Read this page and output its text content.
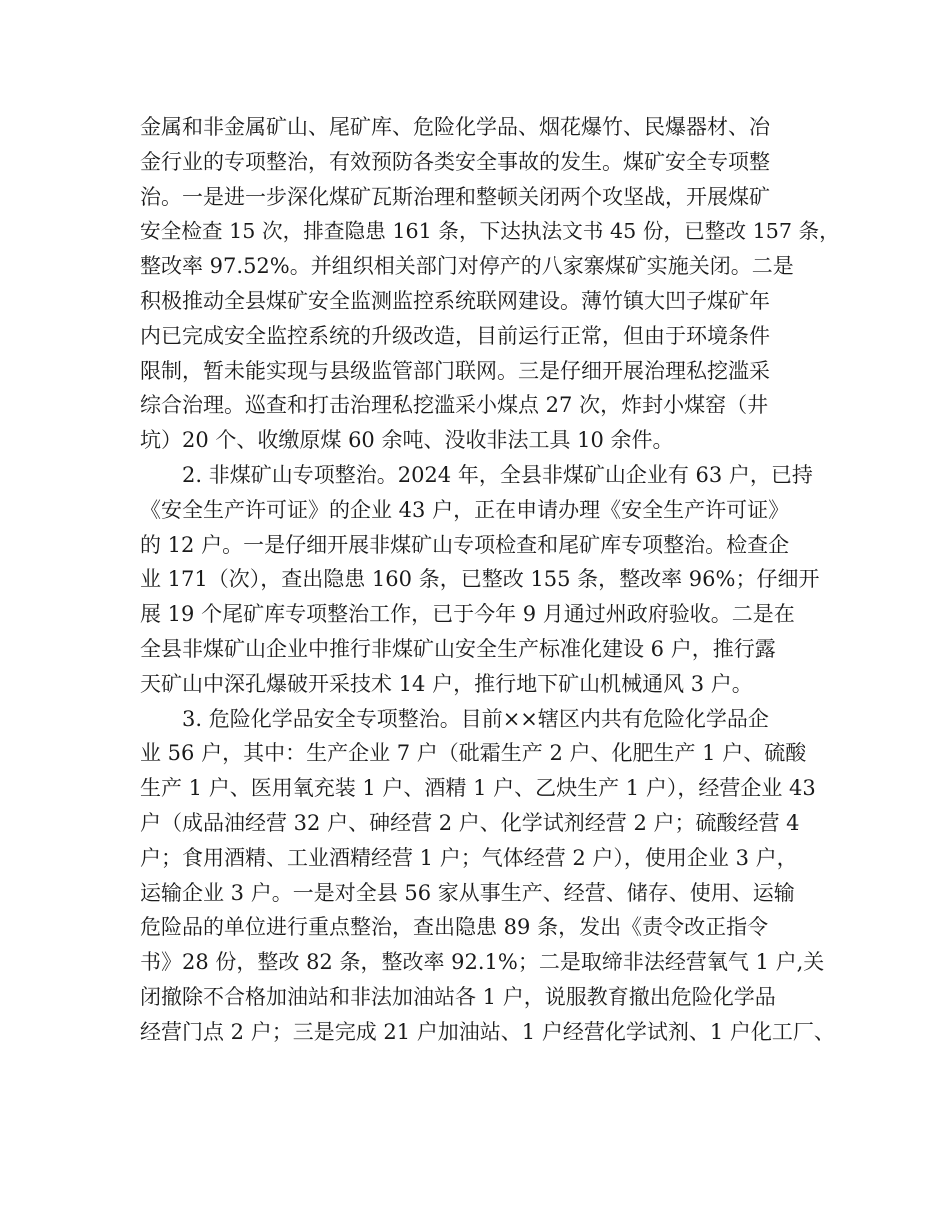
金属和非金属矿山、尾矿库、危险化学品、烟花爆竹、民爆器材、冶
金行业的专项整治，有效预防各类安全事故的发生。煤矿安全专项整
治。一是进一步深化煤矿瓦斯治理和整顿关闭两个攻坚战，开展煤矿
安全检查 15 次，排查隐患 161 条，下达执法文书 45 份，已整改 157 条，
整改率 97.52%。并组织相关部门对停产的八家寨煤矿实施关闭。二是
积极推动全县煤矿安全监测监控系统联网建设。薄竹镇大凹子煤矿年
内已完成安全监控系统的升级改造，目前运行正常，但由于环境条件
限制，暂未能实现与县级监管部门联网。三是仔细开展治理私挖滥采
综合治理。巡查和打击治理私挖滥采小煤点 27 次，炸封小煤窑（井
坑）20 个、收缴原煤 60 余吨、没收非法工具 10 余件。
2. 非煤矿山专项整治。2024 年，全县非煤矿山企业有 63 户，已持
《安全生产许可证》的企业 43 户，正在申请办理《安全生产许可证》
的 12 户。一是仔细开展非煤矿山专项检查和尾矿库专项整治。检查企
业 171（次），查出隐患 160 条，已整改 155 条，整改率 96%；仔细开
展 19 个尾矿库专项整治工作，已于今年 9 月通过州政府验收。二是在
全县非煤矿山企业中推行非煤矿山安全生产标准化建设 6 户，推行露
天矿山中深孔爆破开采技术 14 户，推行地下矿山机械通风 3 户。
3. 危险化学品安全专项整治。目前××辖区内共有危险化学品企
业 56 户，其中：生产企业 7 户（砒霜生产 2 户、化肥生产 1 户、硫酸
生产 1 户、医用氧充装 1 户、酒精 1 户、乙炔生产 1 户），经营企业 43
户（成品油经营 32 户、砷经营 2 户、化学试剂经营 2 户；硫酸经营 4
户；食用酒精、工业酒精经营 1 户；气体经营 2 户），使用企业 3 户，
运输企业 3 户。一是对全县 56 家从事生产、经营、储存、使用、运输
危险品的单位进行重点整治，查出隐患 89 条，发出《责令改正指令
书》28 份，整改 82 条，整改率 92.1%；二是取缔非法经营氧气 1 户,关
闭撤除不合格加油站和非法加油站各 1 户，说服教育撤出危险化学品
经营门点 2 户；三是完成 21 户加油站、1 户经营化学试剂、1 户化工厂、
